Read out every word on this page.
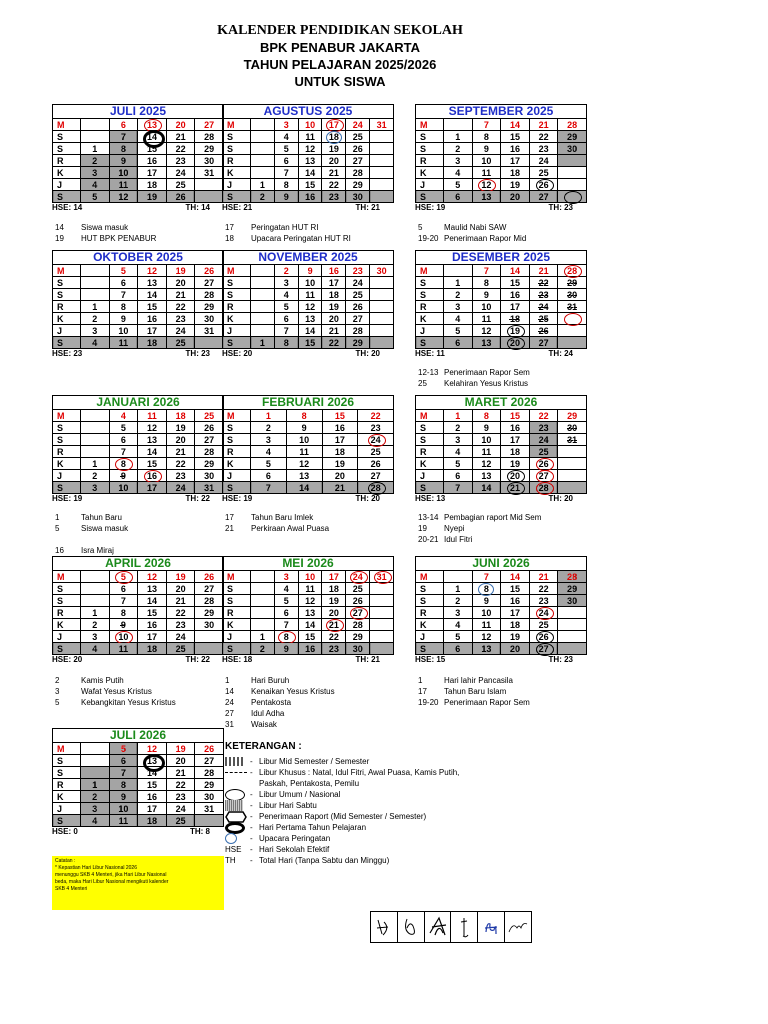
KALENDER PENDIDIKAN SEKOLAH
BPK PENABUR JAKARTA
TAHUN PELAJARAN 2025/2026
UNTUK SISWA
JULI 2025
M		6	13	20	27
S		7	14	21	28
S	1	8	15	22	29
R	2	9	16	23	30
K	3	10	17	24	31
J	4	11	18	25	
S	5	12	19	26	
HSE: 14	TH: 14
AGUSTUS 2025
M		3	10	17	24	31
S		4	11	18	25	
S		5	12	19	26	
R		6	13	20	27	
K		7	14	21	28	
J	1	8	15	22	29	
S	2	9	16	23	30	
HSE: 21	TH: 21
SEPTEMBER 2025
M		7	14	21	28
S	1	8	15	22	29
S	2	9	16	23	30
R	3	10	17	24	
K	4	11	18	25	
J	5	12	19	26	
S	6	13	20	27	
HSE: 19	TH: 23
OKTOBER 2025
M		5	12	19	26
S		6	13	20	27
S		7	14	21	28
R	1	8	15	22	29
K	2	9	16	23	30
J	3	10	17	24	31
S	4	11	18	25	
HSE: 23	TH: 23
NOVEMBER 2025
M		2	9	16	23	30
S		3	10	17	24	
S		4	11	18	25	
R		5	12	19	26	
K		6	13	20	27	
J		7	14	21	28	
S	1	8	15	22	29	
HSE: 20	TH: 20
DESEMBER 2025
M		7	14	21	28
S	1	8	15	22	29
S	2	9	16	23	30
R	3	10	17	24	31
K	4	11	18	25	
J	5	12	19	26	
S	6	13	20	27	
HSE: 11	TH: 24
JANUARI 2026
M		4	11	18	25
S		5	12	19	26
S		6	13	20	27
R		7	14	21	28
K	1	8	15	22	29
J	2	9	16	23	30
S	3	10	17	24	31
HSE: 19	TH: 22
FEBRUARI 2026
M	1	8	15	22
S	2	9	16	23
S	3	10	17	24
R	4	11	18	25
K	5	12	19	26
J	6	13	20	27
S	7	14	21	28
HSE: 19	TH: 20
MARET 2026
M	1	8	15	22	29
S	2	9	16	23	30
S	3	10	17	24	31
R	4	11	18	25	
K	5	12	19	26	
J	6	13	20	27	
S	7	14	21	28	
HSE: 13	TH: 20
APRIL 2026
M		5	12	19	26
S		6	13	20	27
S		7	14	21	28
R	1	8	15	22	29
K	2	9	16	23	30
J	3	10	17	24	
S	4	11	18	25	
HSE: 20	TH: 22
MEI 2026
M		3	10	17	24	31
S		4	11	18	25	
S		5	12	19	26	
R		6	13	20	27	
K		7	14	21	28	
J	1	8	15	22	29	
S	2	9	16	23	30	
HSE: 18	TH: 21
JUNI 2026
M		7	14	21	28
S	1	8	15	22	29
S	2	9	16	23	30
R	3	10	17	24	
K	4	11	18	25	
J	5	12	19	26	
S	6	13	20	27	
HSE: 15	TH: 23
JULI 2026
M		5	12	19	26
S		6	13	20	27
S		7	14	21	28
R	1	8	15	22	29
K	2	9	16	23	30
J	3	10	17	24	31
S	4	11	18	25	
HSE: 0	TH: 8
14	Siswa masuk
19	HUT BPK PENABUR
17	Peringatan HUT RI
18	Upacara Peringatan HUT RI
5	Maulid Nabi SAW
19-20 Penerimaan Rapor Mid
12-13 Penerimaan Rapor Sem
25	Kelahiran Yesus Kristus
1	Tahun Baru
5	Siswa masuk
16	Isra Miraj
17	Tahun Baru Imlek
21	Perkiraan Awal Puasa
13-14 Pembagian raport Mid Sem
19	Nyepi
20-21 Idul Fitri
2	Kamis Putih
3	Wafat Yesus Kristus
5	Kebangkitan Yesus Kristus
1	Hari Buruh
14	Kenaikan Yesus Kristus
24	Pentakosta
27	Idul Adha
31	Waisak
1	Hari lahir Pancasila
17	Tahun Baru Islam
19-20 Penerimaan Rapor Sem
KETERANGAN :
- Libur Mid Semester / Semester
- Libur Khusus : Natal, Idul Fitri, Awal Puasa, Kamis Putih,
Paskah, Pentakosta, Pemilu
- Libur Umum / Nasional
- Libur Hari Sabtu
- Penerimaan Raport (Mid Semester / Semester)
- Hari Pertama Tahun Pelajaran
- Upacara Peringatan
HSE	- Hari Sekolah Efektif
TH	- Total Hari (Tanpa Sabtu dan Minggu)
Catatan :
* Kepastian Hari Libur Nasional 2026
menunggu SKB 4 Menteri, jika Hari Libur Nasional
beda, maka Hari Libur Nasional mengikuti kalender
SKB 4 Menteri
